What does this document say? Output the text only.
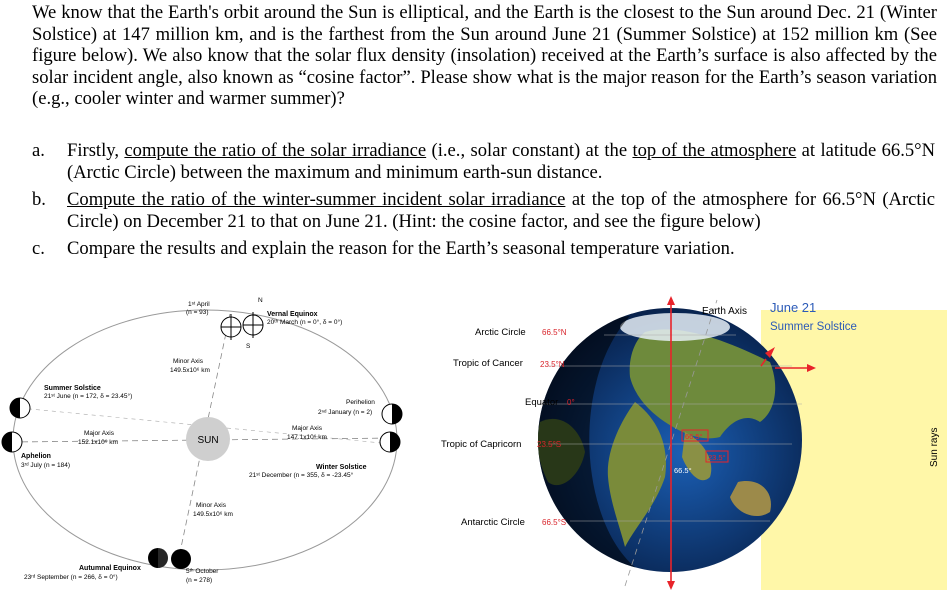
We know that the Earth's orbit around the Sun is elliptical, and the Earth is the closest to the Sun around Dec. 21 (Winter Solstice) at 147 million km, and is the farthest from the Sun around June 21 (Summer Solstice) at 152 million km (See figure below). We also know that the solar flux density (insolation) received at the Earth’s surface is also affected by the solar incident angle, also known as “cosine factor”. Please show what is the major reason for the Earth’s season variation (e.g., cooler winter and warmer summer)?
a. Firstly, compute the ratio of the solar irradiance (i.e., solar constant) at the top of the atmosphere at latitude 66.5°N (Arctic Circle) between the maximum and minimum earth-sun distance.
b. Compute the ratio of the winter-summer incident solar irradiance at the top of the atmosphere for 66.5°N (Arctic Circle) on December 21 to that on June 21. (Hint: the cosine factor, and see the figure below)
c. Compare the results and explain the reason for the Earth’s seasonal temperature variation.
SUN
1ˢᵗ April
(n = 93)
N
S
Vernal Equinox
20ᵗʰ March (n = 0°, δ = 0°)
Minor Axis
149.5x10⁶ km
Summer Solstice
21ˢᵗ June (n = 172, δ = 23.45°)
Perihelion
2ⁿᵈ January (n = 2)
Major Axis
152.1x10⁶ km
Major Axis
147.1x10⁶ km
Aphelion
3ʳᵈ July (n = 184)	Winter Solstice
21ˢᵗ December (n = 355, δ = -23.45°
Minor Axis
149.5x10⁶ km
Autumnal Equinox
23ʳᵈ September (n = 266, δ = 0°)
5ᵗʰ October
(n = 278)
Arctic Circle 66.5°N
Tropic of Cancer 23.5°N
Equator 0°
Tropic of Capricorn 23.5°S
Antarctic Circle 66.5°S
66.5°
23.5°
66.5°
Earth Axis June 21
Summer Solstice
Sun rays
